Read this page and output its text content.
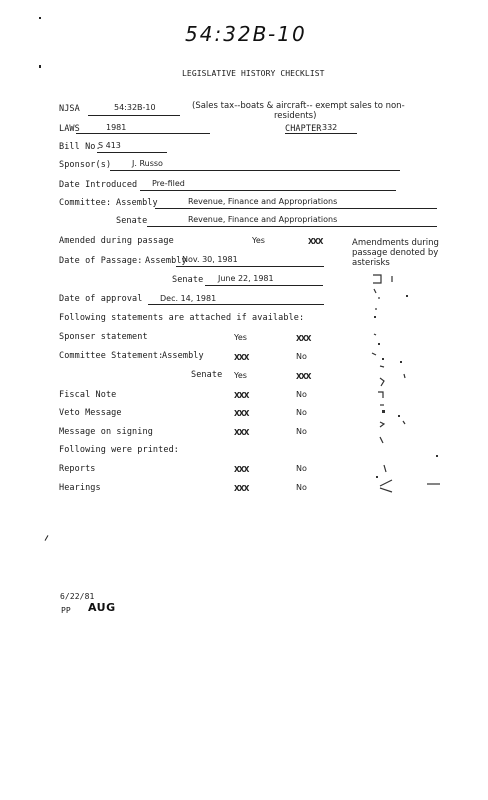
54:32B-10
LEGISLATIVE HISTORY CHECKLIST
NJSA	54:32B-10	(Sales tax--boats & aircraft-- exempt sales to non-
residents)
LAWS	1981	CHAPTER 332
Bill No.
S 413
Sponsor(s)	J. Russo
Date Introduced Pre-filed
Committee: Assembly	Revenue, Finance and Appropriations
Senate	Revenue, Finance and Appropriations
Amended during passage	Yes	XXX	Amendments during
passage denoted by
asterisks
Date of Passage: Assembly
Nov. 30, 1981
Senate June 22, 1981
Date of approval Dec. 14, 1981
Following statements are attached if available:
Sponser statement	Yes	XXX
Committee Statement:
Assembly	XXX	No
Senate Yes	XXX
Fiscal Note	XXX	No
Veto Message	XXX	No
Message on signing	XXX	No
Following were printed:
Reports	XXX	No
Hearings	XXX	No
6/22/81
PP AUG
